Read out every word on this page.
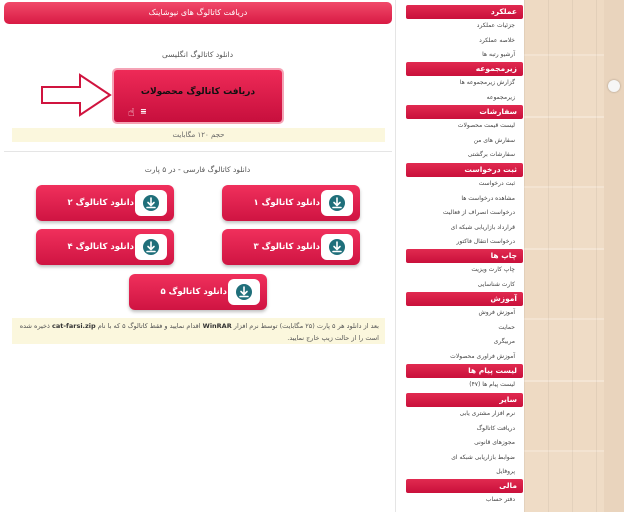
دریافت کاتالوگ های نیوشاینک
دانلود کاتالوگ انگلیسی
دریافت کاتالوگ محصولات
☝ ≡
حجم ۱۲۰ مگابایت
دانلود کاتالوگ فارسی - در ۵ پارت
دانلود کاتالوگ ۱
دانلود کاتالوگ ۲
دانلود کاتالوگ ۳
دانلود کاتالوگ ۴
دانلود کاتالوگ ۵
بعد از دانلود هر ۵ پارت (۲۵ مگابایت) توسط نرم افزار WinRAR اقدام نمایید و فقط کاتالوگ ۵ که با نام cat-farsi.zip ذخیره شده
است را از حالت زیپ خارج نمایید.
عملکرد
جزئیات عملکرد
خلاصه عملکرد
آرشیو رتبه ها
زیرمجموعه
گزارش زیرمجموعه ها
زیرمجموعه
سفارشات
لیست قیمت محصولات
سفارش های من
سفارشات برگشتی
ثبت درخواست
ثبت درخواست
مشاهده درخواست ها
درخواست انصراف از فعالیت
قرارداد بازاریابی شبکه ای
درخواست انتقال فاکتور
چاپ ها
چاپ کارت ویزیت
کارت شناسایی
آموزش
آموزش فروش
حمایت
مربیگری
آموزش فراوری محصولات
لیست پیام ها
لیست پیام ها (۴۷)
سایر
نرم افزار مشتری یابی
دریافت کاتالوگ
مجوزهای قانونی
ضوابط بازاریابی شبکه ای
پروفایل
مالی
دفتر حساب
